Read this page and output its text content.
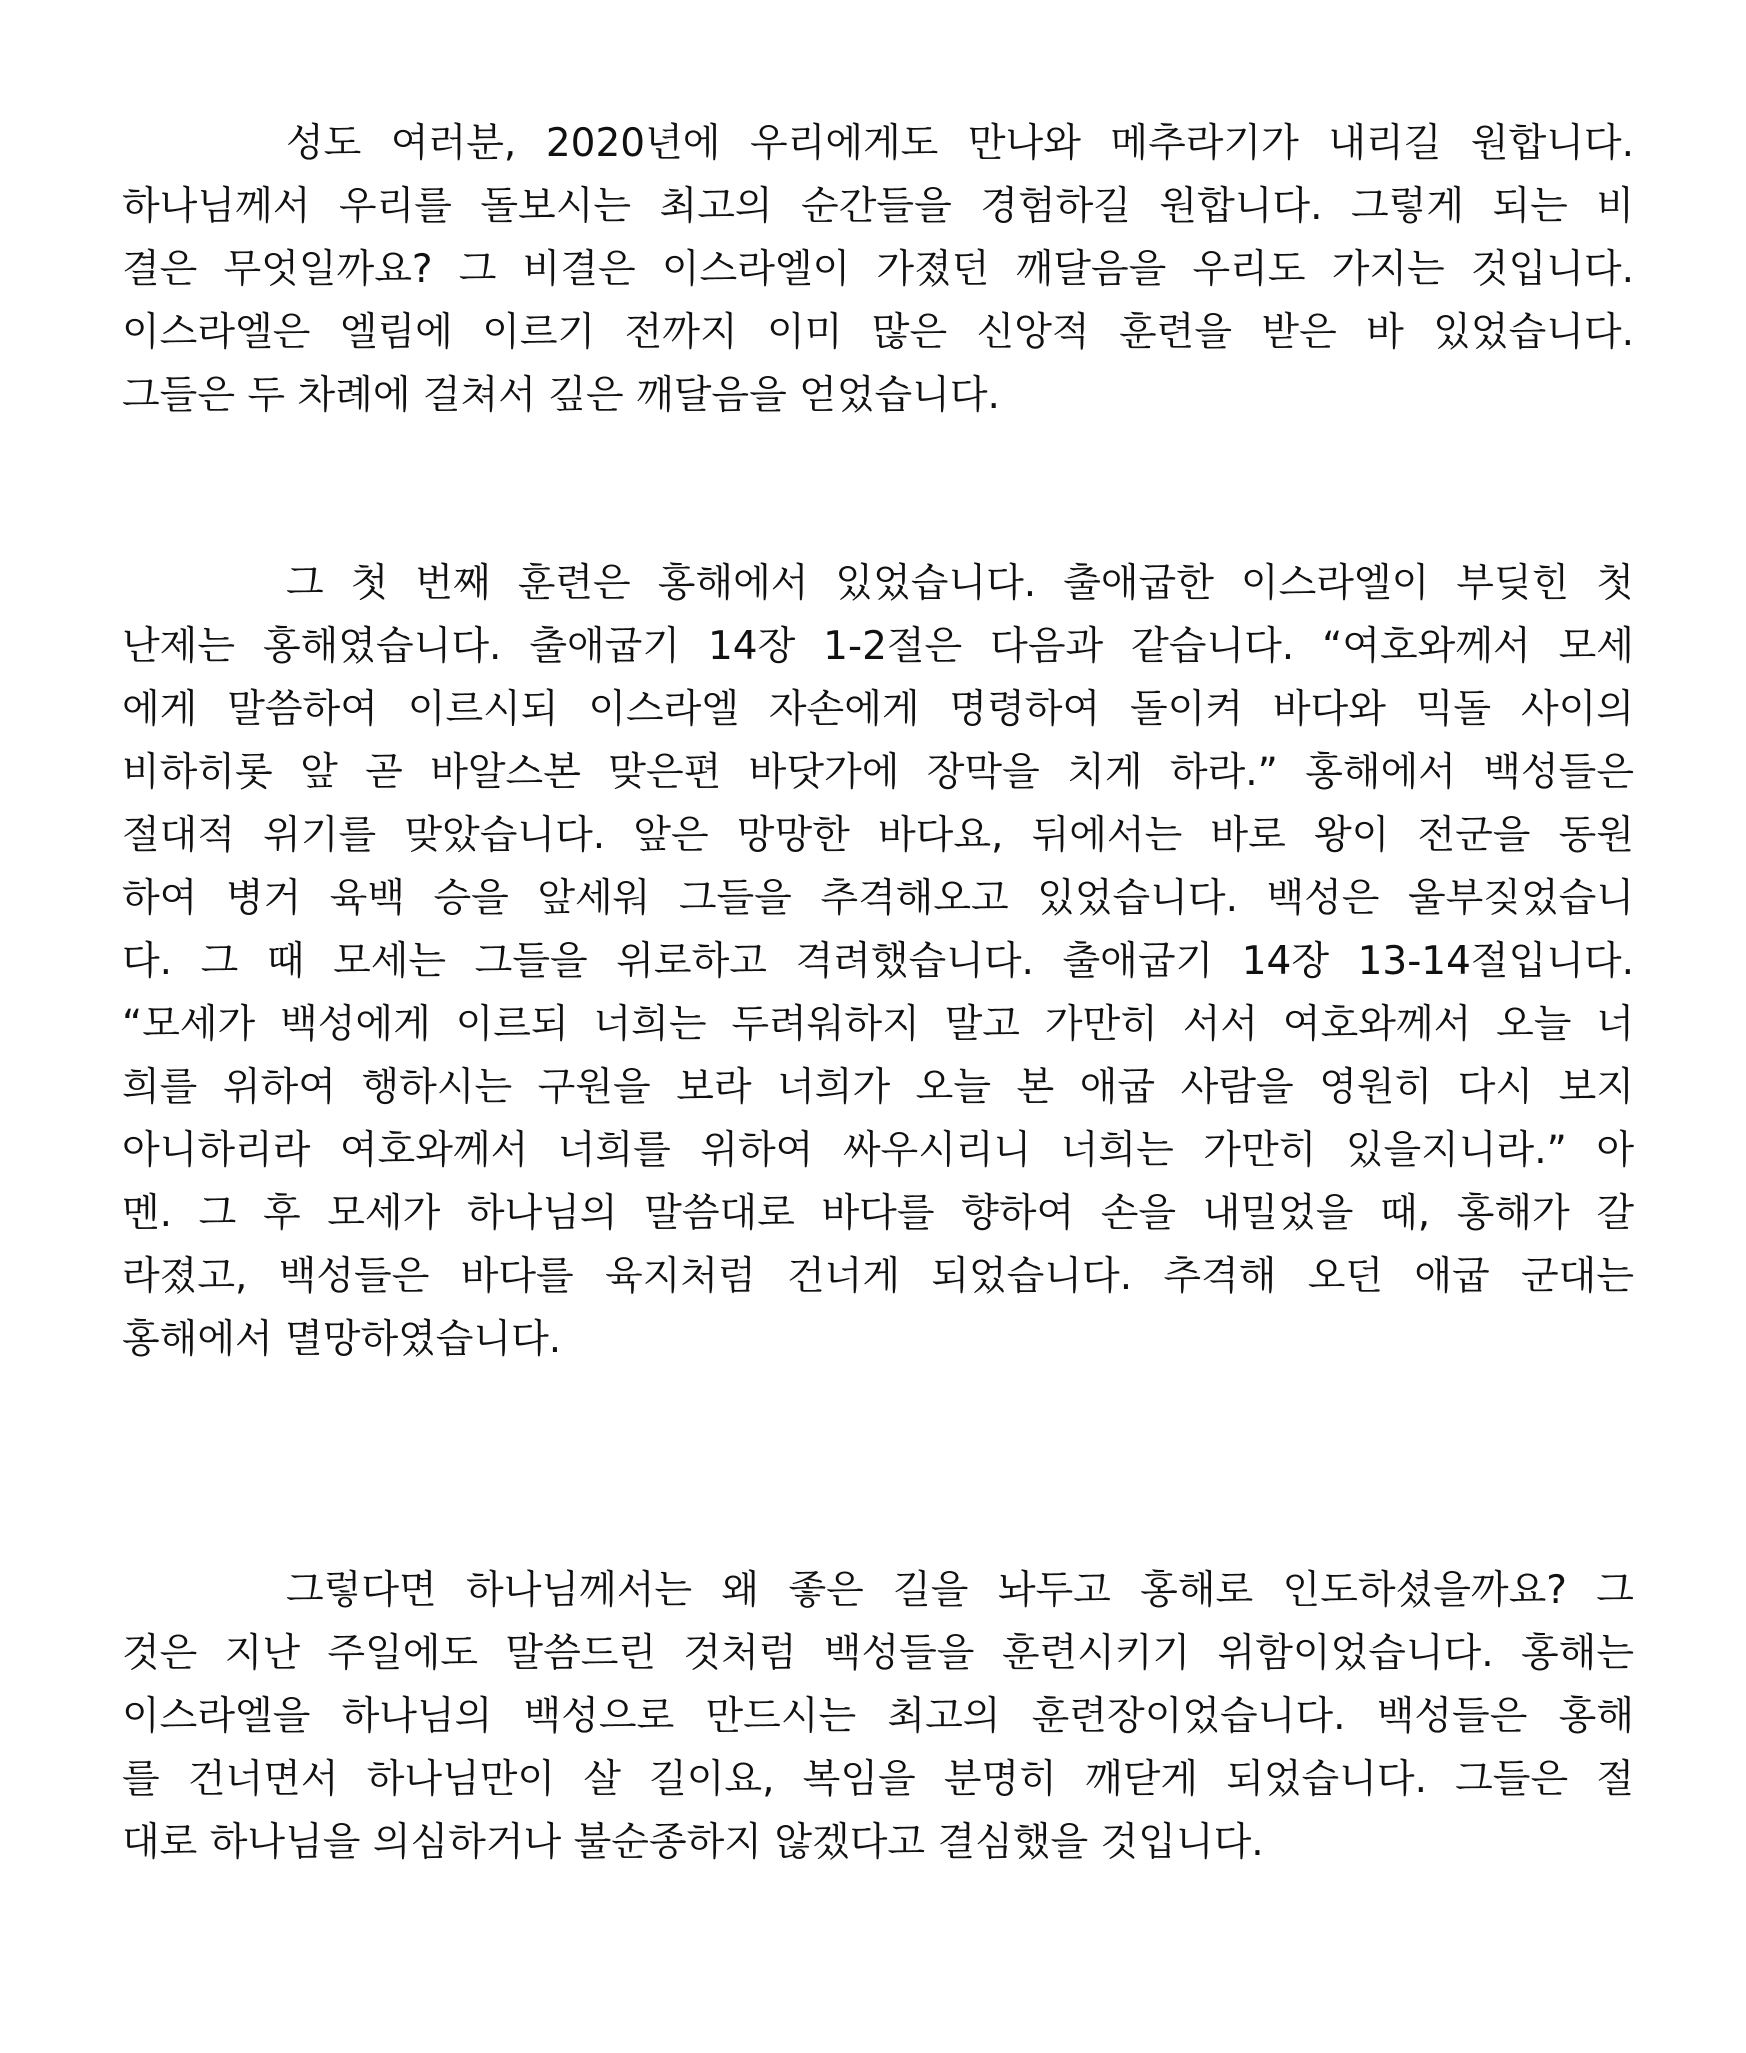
성도 여러분, 2020년에 우리에게도 만나와 메추라기가 내리길 원합니다.
하나님께서 우리를 돌보시는 최고의 순간들을 경험하길 원합니다. 그렇게 되는 비
결은 무엇일까요? 그 비결은 이스라엘이 가졌던 깨달음을 우리도 가지는 것입니다.
이스라엘은 엘림에 이르기 전까지 이미 많은 신앙적 훈련을 받은 바 있었습니다.
그들은 두 차례에 걸쳐서 깊은 깨달음을 얻었습니다.
그 첫 번째 훈련은 홍해에서 있었습니다. 출애굽한 이스라엘이 부딪힌 첫
난제는 홍해였습니다. 출애굽기 14장 1-2절은 다음과 같습니다. “여호와께서 모세
에게 말씀하여 이르시되 이스라엘 자손에게 명령하여 돌이켜 바다와 믹돌 사이의
비하히롯 앞 곧 바알스본 맞은편 바닷가에 장막을 치게 하라.” 홍해에서 백성들은
절대적 위기를 맞았습니다. 앞은 망망한 바다요, 뒤에서는 바로 왕이 전군을 동원
하여 병거 육백 승을 앞세워 그들을 추격해오고 있었습니다. 백성은 울부짖었습니
다. 그 때 모세는 그들을 위로하고 격려했습니다. 출애굽기 14장 13-14절입니다.
“모세가 백성에게 이르되 너희는 두려워하지 말고 가만히 서서 여호와께서 오늘 너
희를 위하여 행하시는 구원을 보라 너희가 오늘 본 애굽 사람을 영원히 다시 보지
아니하리라 여호와께서 너희를 위하여 싸우시리니 너희는 가만히 있을지니라.” 아
멘. 그 후 모세가 하나님의 말씀대로 바다를 향하여 손을 내밀었을 때, 홍해가 갈
라졌고, 백성들은 바다를 육지처럼 건너게 되었습니다. 추격해 오던 애굽 군대는
홍해에서 멸망하였습니다.
그렇다면 하나님께서는 왜 좋은 길을 놔두고 홍해로 인도하셨을까요? 그
것은 지난 주일에도 말씀드린 것처럼 백성들을 훈련시키기 위함이었습니다. 홍해는
이스라엘을 하나님의 백성으로 만드시는 최고의 훈련장이었습니다. 백성들은 홍해
를 건너면서 하나님만이 살 길이요, 복임을 분명히 깨닫게 되었습니다. 그들은 절
대로 하나님을 의심하거나 불순종하지 않겠다고 결심했을 것입니다.
